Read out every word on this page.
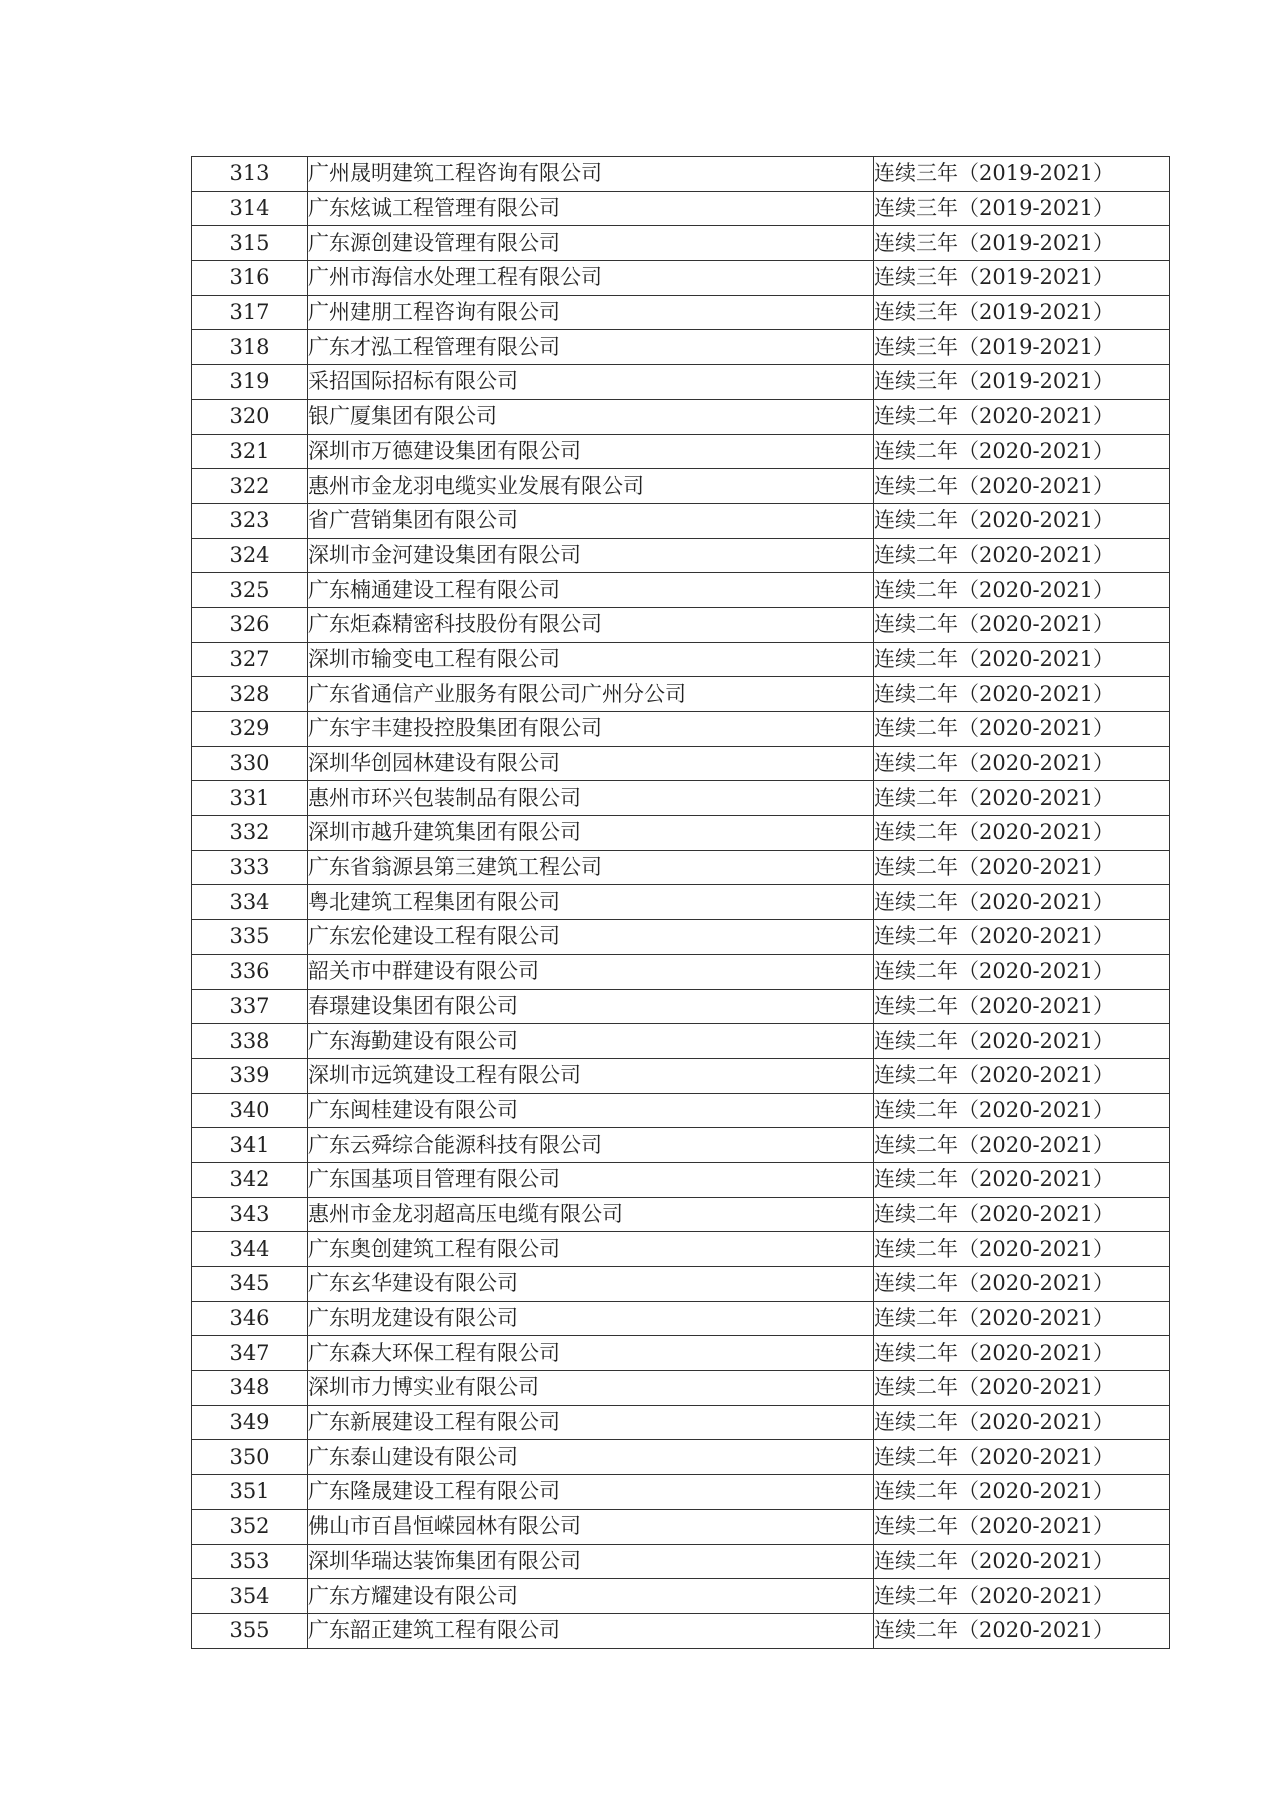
313	广州晟明建筑工程咨询有限公司	连续三年（2019-2021）
314	广东炫诚工程管理有限公司	连续三年（2019-2021）
315	广东源创建设管理有限公司	连续三年（2019-2021）
316	广州市海信水处理工程有限公司	连续三年（2019-2021）
317	广州建朋工程咨询有限公司	连续三年（2019-2021）
318	广东才泓工程管理有限公司	连续三年（2019-2021）
319	采招国际招标有限公司	连续三年（2019-2021）
320	银广厦集团有限公司	连续二年（2020-2021）
321	深圳市万德建设集团有限公司	连续二年（2020-2021）
322	惠州市金龙羽电缆实业发展有限公司	连续二年（2020-2021）
323	省广营销集团有限公司	连续二年（2020-2021）
324	深圳市金河建设集团有限公司	连续二年（2020-2021）
325	广东楠通建设工程有限公司	连续二年（2020-2021）
326	广东炬森精密科技股份有限公司	连续二年（2020-2021）
327	深圳市输变电工程有限公司	连续二年（2020-2021）
328	广东省通信产业服务有限公司广州分公司	连续二年（2020-2021）
329	广东宇丰建投控股集团有限公司	连续二年（2020-2021）
330	深圳华创园林建设有限公司	连续二年（2020-2021）
331	惠州市环兴包装制品有限公司	连续二年（2020-2021）
332	深圳市越升建筑集团有限公司	连续二年（2020-2021）
333	广东省翁源县第三建筑工程公司	连续二年（2020-2021）
334	粤北建筑工程集团有限公司	连续二年（2020-2021）
335	广东宏伦建设工程有限公司	连续二年（2020-2021）
336	韶关市中群建设有限公司	连续二年（2020-2021）
337	春璟建设集团有限公司	连续二年（2020-2021）
338	广东海勤建设有限公司	连续二年（2020-2021）
339	深圳市远筑建设工程有限公司	连续二年（2020-2021）
340	广东闽桂建设有限公司	连续二年（2020-2021）
341	广东云舜综合能源科技有限公司	连续二年（2020-2021）
342	广东国基项目管理有限公司	连续二年（2020-2021）
343	惠州市金龙羽超高压电缆有限公司	连续二年（2020-2021）
344	广东奥创建筑工程有限公司	连续二年（2020-2021）
345	广东玄华建设有限公司	连续二年（2020-2021）
346	广东明龙建设有限公司	连续二年（2020-2021）
347	广东森大环保工程有限公司	连续二年（2020-2021）
348	深圳市力博实业有限公司	连续二年（2020-2021）
349	广东新展建设工程有限公司	连续二年（2020-2021）
350	广东泰山建设有限公司	连续二年（2020-2021）
351	广东隆晟建设工程有限公司	连续二年（2020-2021）
352	佛山市百昌恒嵘园林有限公司	连续二年（2020-2021）
353	深圳华瑞达装饰集团有限公司	连续二年（2020-2021）
354	广东方耀建设有限公司	连续二年（2020-2021）
355	广东韶正建筑工程有限公司	连续二年（2020-2021）
